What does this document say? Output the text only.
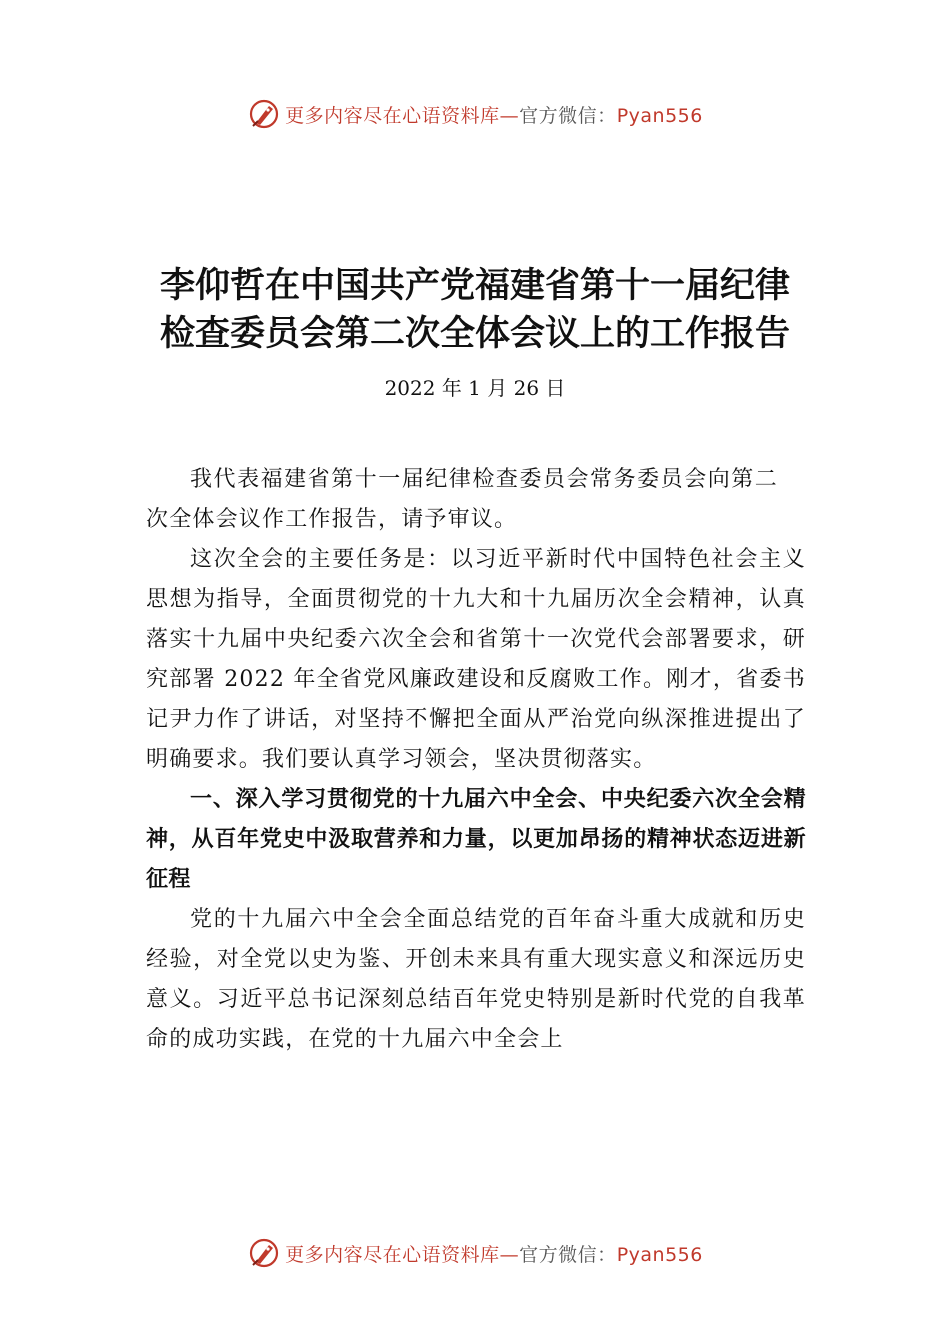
更多内容尽在心语资料库—官方微信：Pyan556
李仰哲在中国共产党福建省第十一届纪律
检查委员会第二次全体会议上的工作报告
2022 年 1 月 26 日

我代表福建省第十一届纪律检查委员会常务委员会向第二次全体会议作工作报告，请予审议。

这次全会的主要任务是：以习近平新时代中国特色社会主义思想为指导，全面贯彻党的十九大和十九届历次全会精神，认真落实十九届中央纪委六次全会和省第十一次党代会部署要求，研究部署 2022 年全省党风廉政建设和反腐败工作。刚才，省委书记尹力作了讲话，对坚持不懈把全面从严治党向纵深推进提出了明确要求。我们要认真学习领会，坚决贯彻落实。

一、深入学习贯彻党的十九届六中全会、中央纪委六次全会精神，从百年党史中汲取营养和力量，以更加昂扬的精神状态迈进新征程

党的十九届六中全会全面总结党的百年奋斗重大成就和历史经验，对全党以史为鉴、开创未来具有重大现实意义和深远历史意义。习近平总书记深刻总结百年党史特别是新时代党的自我革命的成功实践，在党的十九届六中全会上

更多内容尽在心语资料库—官方微信：Pyan556
